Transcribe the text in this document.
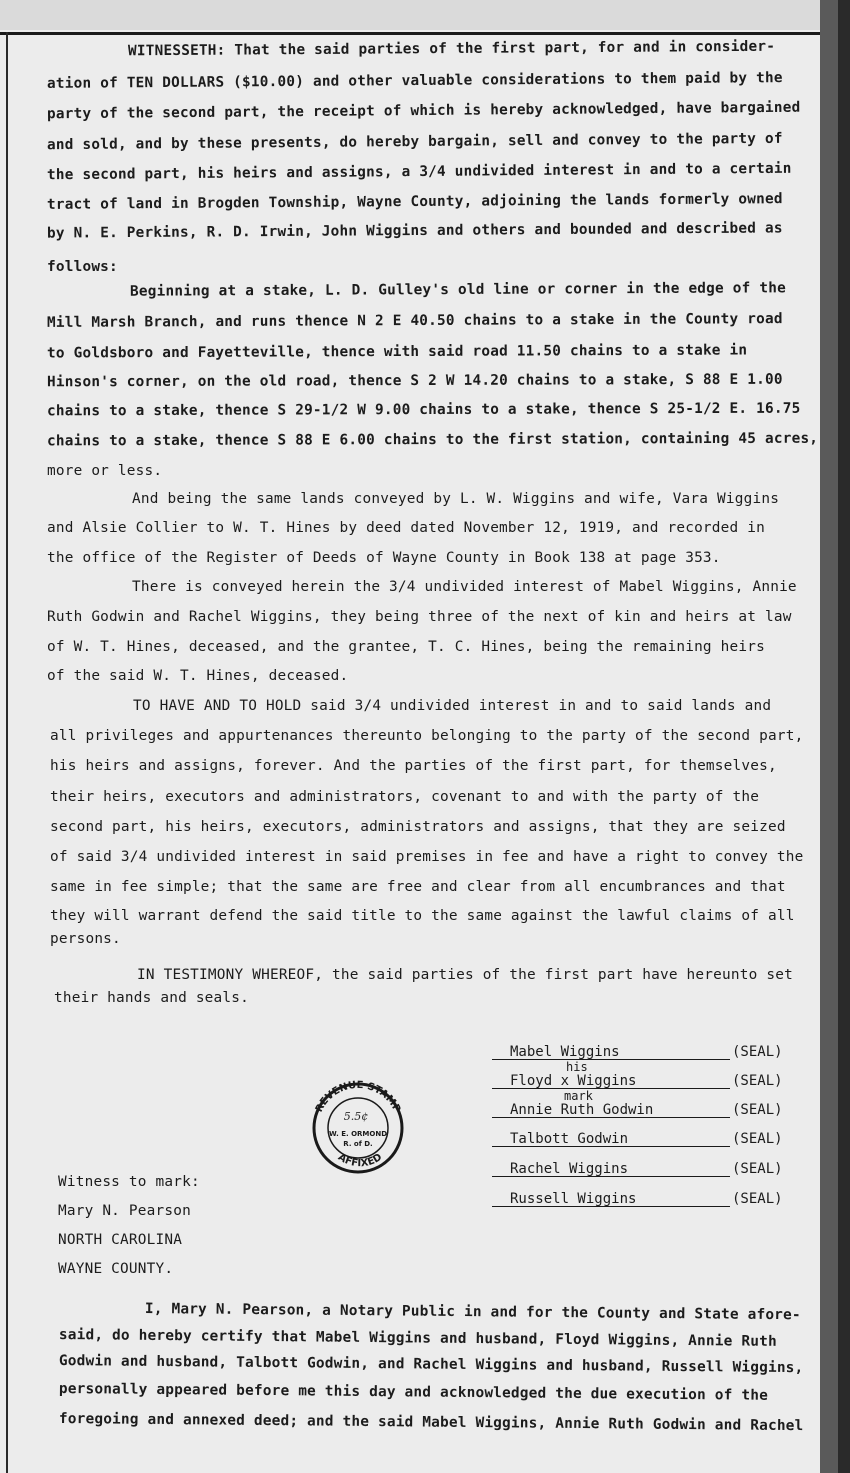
WITNESSETH: That the said parties of the first part, for and in consider-
ation of TEN DOLLARS ($10.00) and other valuable considerations to them paid by the
party of the second part, the receipt of which is hereby acknowledged, have bargained
and sold, and by these presents, do hereby bargain, sell and convey to the party of
the second part, his heirs and assigns, a 3/4 undivided interest in and to a certain
tract of land in Brogden Township, Wayne County, adjoining the lands formerly owned
by N. E. Perkins, R. D. Irwin, John Wiggins and others and bounded and described as
follows:
Beginning at a stake, L. D. Gulley's old line or corner in the edge of the
Mill Marsh Branch, and runs thence N 2 E 40.50 chains to a stake in the County road
to Goldsboro and Fayetteville, thence with said road 11.50 chains to a stake in
Hinson's corner, on the old road, thence S 2 W 14.20 chains to a stake, S 88 E 1.00
chains to a stake, thence S 29-1/2 W 9.00 chains to a stake, thence S 25-1/2 E. 16.75
chains to a stake, thence S 88 E 6.00 chains to the first station, containing 45 acres,
more or less.
And being the same lands conveyed by L. W. Wiggins and wife, Vara Wiggins
and Alsie Collier to W. T. Hines by deed dated November 12, 1919, and recorded in
the office of the Register of Deeds of Wayne County in Book 138 at page 353.
There is conveyed herein the 3/4 undivided interest of Mabel Wiggins, Annie
Ruth Godwin and Rachel Wiggins, they being three of the next of kin and heirs at law
of W. T. Hines, deceased, and the grantee, T. C. Hines, being the remaining heirs
of the said W. T. Hines, deceased.
TO HAVE AND TO HOLD said 3/4 undivided interest in and to said lands and
all privileges and appurtenances thereunto belonging to the party of the second part,
his heirs and assigns, forever. And the parties of the first part, for themselves,
their heirs, executors and administrators, covenant to and with the party of the
second part, his heirs, executors, administrators and assigns, that they are seized
of said 3/4 undivided interest in said premises in fee and have a right to convey the
same in fee simple; that the same are free and clear from all encumbrances and that
they will warrant defend the said title to the same against the lawful claims of all
persons.
IN TESTIMONY WHEREOF, the said parties of the first part have hereunto set
their hands and seals.
Mabel Wiggins	(SEAL)
his
Floyd x Wiggins	(SEAL)
mark
Annie Ruth Godwin	(SEAL)
Talbott Godwin	(SEAL)
Rachel Wiggins	(SEAL)
Russell Wiggins	(SEAL)
REVENUE STAMP
AFFIXED
5.5¢
W. E. ORMOND
R. of D.
Witness to mark:
Mary N. Pearson
NORTH CAROLINA
WAYNE COUNTY.
I, Mary N. Pearson, a Notary Public in and for the County and State afore-
said, do hereby certify that Mabel Wiggins and husband, Floyd Wiggins, Annie Ruth
Godwin and husband, Talbott Godwin, and Rachel Wiggins and husband, Russell Wiggins,
personally appeared before me this day and acknowledged the due execution of the
foregoing and annexed deed; and the said Mabel Wiggins, Annie Ruth Godwin and Rachel
